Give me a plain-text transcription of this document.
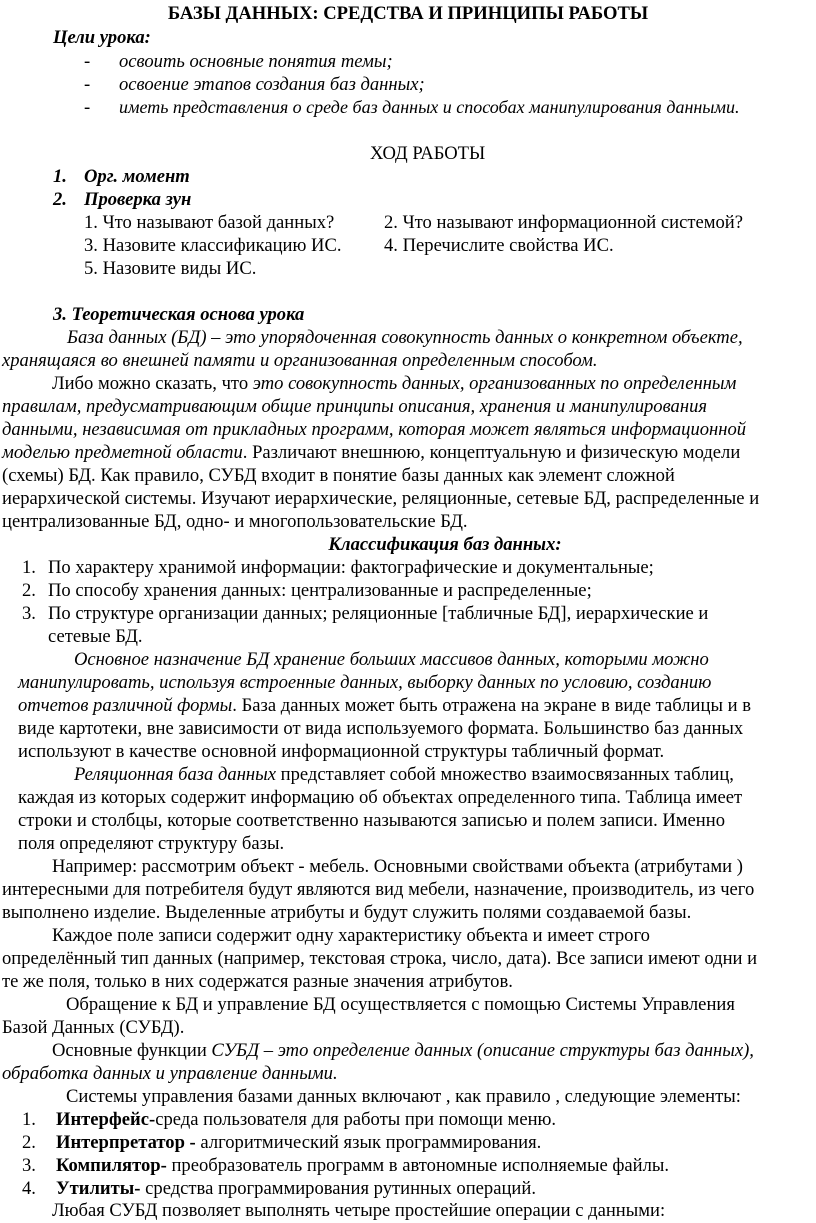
БАЗЫ ДАННЫХ: СРЕДСТВА И ПРИНЦИПЫ РАБОТЫ
Цели урока:
- освоить основные понятия темы;
- освоение этапов создания баз данных;
- иметь представления о среде баз данных и способах манипулирования данными.
ХОД РАБОТЫ
1. Орг. момент
2. Проверка зун
1. Что называют базой данных?	2. Что называют информационной системой?
3. Назовите классификацию ИС. 4. Перечислите свойства ИС.
5. Назовите виды ИС.
3. Теоретическая основа урока
База данных (БД) – это упорядоченная совокупность данных о конкретном объекте,
хранящаяся во внешней памяти и организованная определенным способом.
Либо можно сказать, что это совокупность данных, организованных по определенным
правилам, предусматривающим общие принципы описания, хранения и манипулирования
данными, независимая от прикладных программ, которая может являться информационной
моделью предметной области. Различают внешнюю, концептуальную и физическую модели
(схемы) БД. Как правило, СУБД входит в понятие базы данных как элемент сложной
иерархической системы. Изучают иерархические, реляционные, сетевые БД, распределенные и
централизованные БД, одно- и многопользовательские БД.
Классификация баз данных:
1. По характеру хранимой информации: фактографические и документальные;
2. По способу хранения данных: централизованные и распределенные;
3. По структуре организации данных; реляционные [табличные БД], иерархические и
сетевые БД.
Основное назначение БД хранение больших массивов данных, которыми можно
манипулировать, используя встроенные данных, выборку данных по условию, созданию
отчетов различной формы. База данных может быть отражена на экране в виде таблицы и в
виде картотеки, вне зависимости от вида используемого формата. Большинство баз данных
используют в качестве основной информационной структуры табличный формат.
Реляционная база данных представляет собой множество взаимосвязанных таблиц,
каждая из которых содержит информацию об объектах определенного типа. Таблица имеет
строки и столбцы, которые соответственно называются записью и полем записи. Именно
поля определяют структуру базы.
Например: рассмотрим объект - мебель. Основными свойствами объекта (атрибутами )
интересными для потребителя будут являются вид мебели, назначение, производитель, из чего
выполнено изделие. Выделенные атрибуты и будут служить полями создаваемой базы.
Каждое поле записи содержит одну характеристику объекта и имеет строго
определённый тип данных (например, текстовая строка, число, дата). Все записи имеют одни и
те же поля, только в них содержатся разные значения атрибутов.
Обращение к БД и управление БД осуществляется с помощью Системы Управления
Базой Данных (СУБД).
Основные функции СУБД – это определение данных (описание структуры баз данных),
обработка данных и управление данными.
Системы управления базами данных включают , как правило , следующие элементы:
1. Интерфейс-среда пользователя для работы при помощи меню.
2. Интерпретатор - алгоритмический язык программирования.
3. Компилятор- преобразователь программ в автономные исполняемые файлы.
4. Утилиты- средства программирования рутинных операций.
Любая СУБД позволяет выполнять четыре простейшие операции с данными:
